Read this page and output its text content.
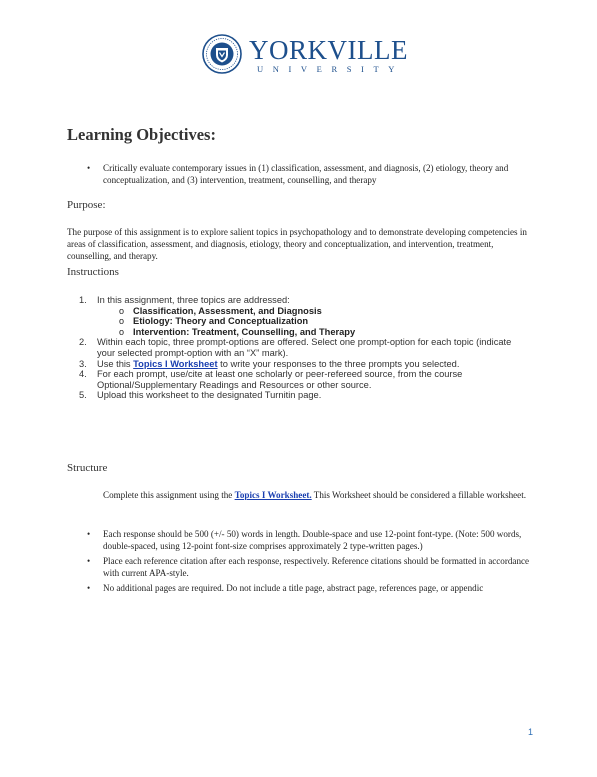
YORKVILLE
UNIVERSITY
Learning Objectives:
• Critically evaluate contemporary issues in (1) classification, assessment, and diagnosis, (2) etiology, theory and conceptualization, and (3) intervention, treatment, counselling, and therapy
Purpose:

The purpose of this assignment is to explore salient topics in psychopathology and to demonstrate developing competencies in areas of classification, assessment, and diagnosis, etiology, theory and conceptualization, and intervention, treatment, counselling, and therapy.

Instructions
1. In this assignment, three topics are addressed:
o Classification, Assessment, and Diagnosis
o Etiology: Theory and Conceptualization
o Intervention: Treatment, Counselling, and Therapy
2. Within each topic, three prompt-options are offered. Select one prompt-option for each topic (indicate your selected prompt-option with an “X” mark).
3. Use this Topics I Worksheet to write your responses to the three prompts you selected.
4. For each prompt, use/cite at least one scholarly or peer-refereed source, from the course Optional/Supplementary Readings and Resources or other source.
5. Upload this worksheet to the designated Turnitin page.
Structure

Complete this assignment using the Topics I Worksheet. This Worksheet should be considered a fillable worksheet.

• Each response should be 500 (+/- 50) words in length. Double-space and use 12-point font-type. (Note: 500 words, double-spaced, using 12-point font-size comprises approximately 2 type-written pages.)
• Place each reference citation after each response, respectively. Reference citations should be formatted in accordance with current APA-style.
• No additional pages are required. Do not include a title page, abstract page, references page, or appendic
1
